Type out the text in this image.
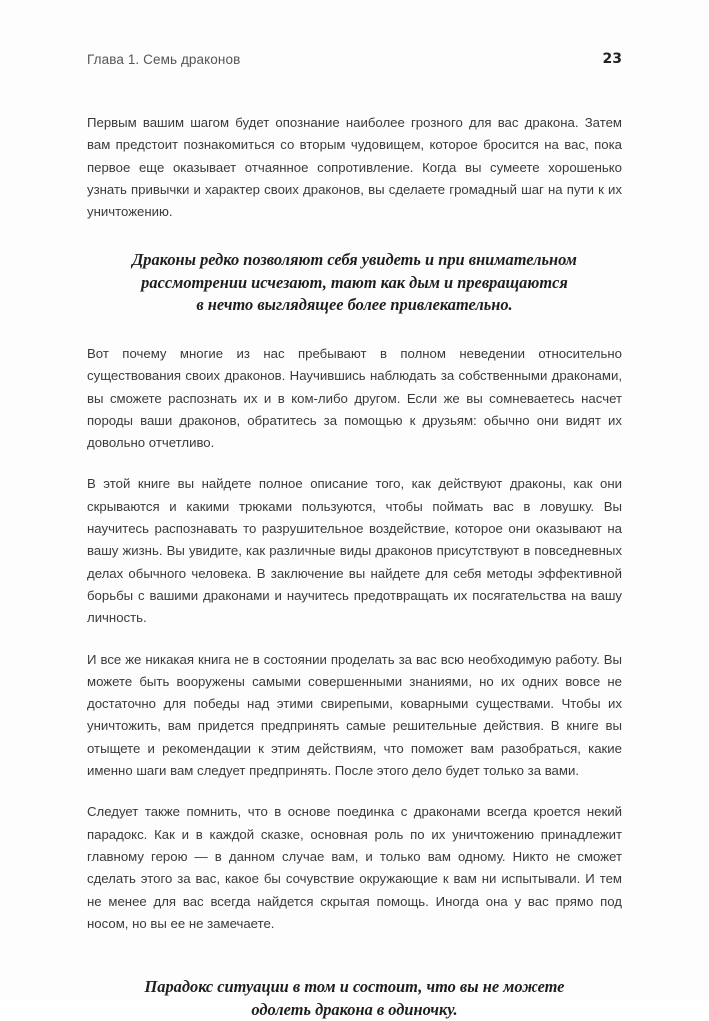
Глава 1. Семь драконов	23

Первым вашим шагом будет опознание наиболее грозного для вас дракона. Затем вам предстоит познакомиться со вторым чудовищем, которое бросится на вас, пока первое еще оказывает отчаянное сопротивление. Когда вы сумеете хорошенько узнать привычки и характер своих драконов, вы сделаете громадный шаг на пути к их уничтожению.

Драконы редко позволяют себя увидеть и при внимательном
рассмотрении исчезают, тают как дым и превращаются
в нечто выглядящее более привлекательно.

Вот почему многие из нас пребывают в полном неведении относительно существования своих драконов. Научившись наблюдать за собственными драконами, вы сможете распознать их и в ком-либо другом. Если же вы сомневаетесь насчет породы ваши драконов, обратитесь за помощью к друзьям: обычно они видят их довольно отчетливо.

В этой книге вы найдете полное описание того, как действуют драконы, как они скрываются и какими трюками пользуются, чтобы поймать вас в ловушку. Вы научитесь распознавать то разрушительное воздействие, которое они оказывают на вашу жизнь. Вы увидите, как различные виды драконов присутствуют в повседневных делах обычного человека. В заключение вы найдете для себя методы эффективной борьбы с вашими драконами и научитесь предотвращать их посягательства на вашу личность.

И все же никакая книга не в состоянии проделать за вас всю необходимую работу. Вы можете быть вооружены самыми совершенными знаниями, но их одних вовсе не достаточно для победы над этими свирепыми, коварными существами. Чтобы их уничтожить, вам придется предпринять самые решительные действия. В книге вы отыщете и рекомендации к этим действиям, что поможет вам разобраться, какие именно шаги вам следует предпринять. После этого дело будет только за вами.

Следует также помнить, что в основе поединка с драконами всегда кроется некий парадокс. Как и в каждой сказке, основная роль по их уничтожению принадлежит главному герою — в данном случае вам, и только вам одному. Никто не сможет сделать этого за вас, какое бы сочувствие окружающие к вам ни испытывали. И тем не менее для вас всегда найдется скрытая помощь. Иногда она у вас прямо под носом, но вы ее не замечаете.

Парадокс ситуации в том и состоит, что вы не можете
одолеть дракона в одиночку.
